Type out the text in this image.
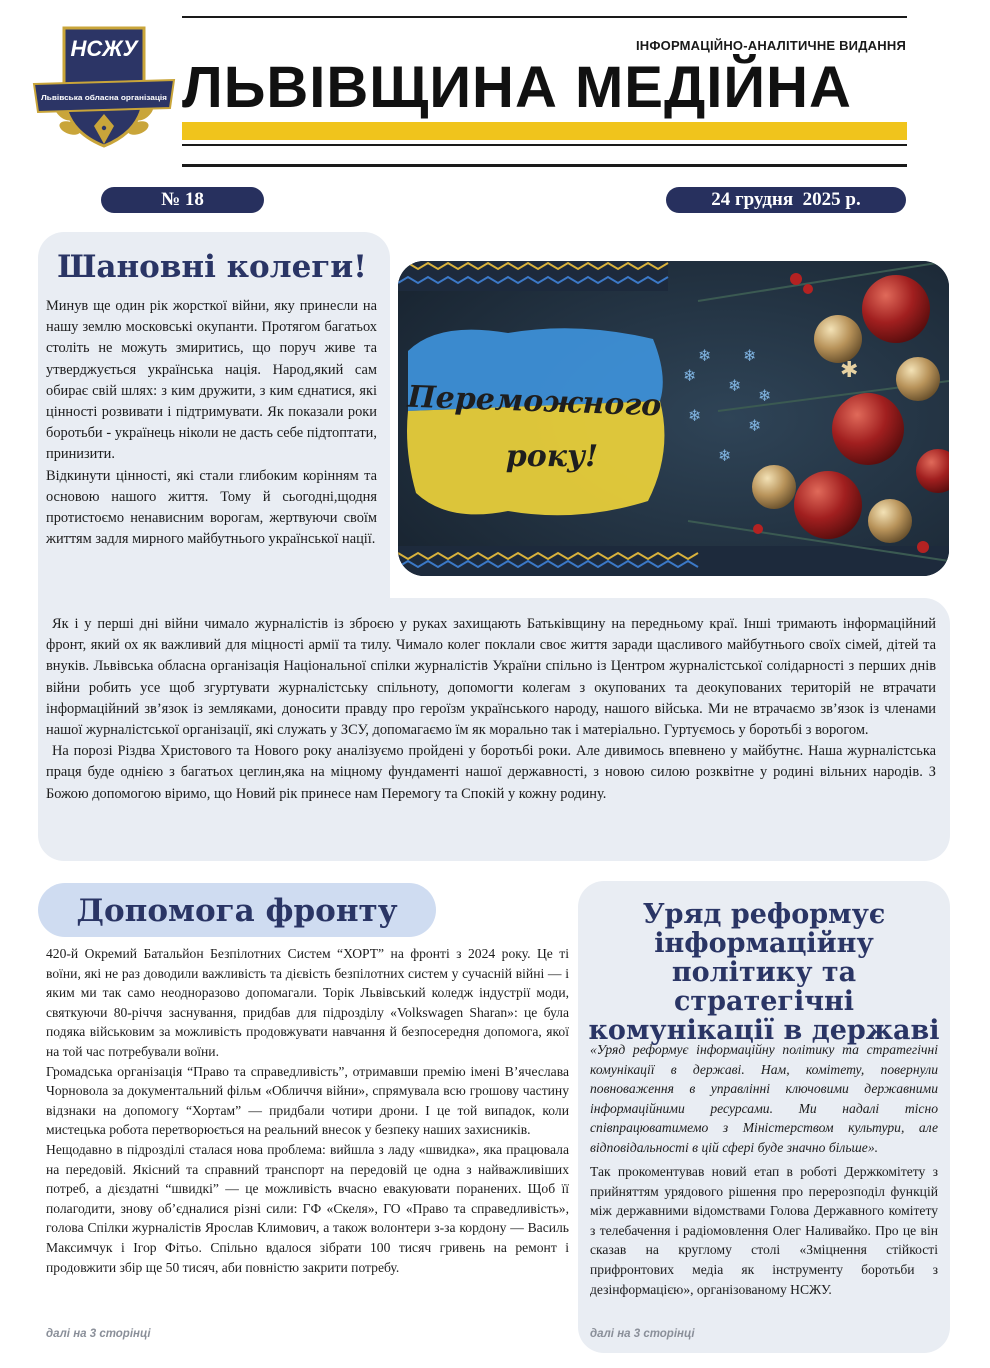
НСЖУ
Львівська обласна організація
ІНФОРМАЦІЙНО-АНАЛІТИЧНЕ ВИДАННЯ
ЛЬВІВЩИНА МЕДІЙНА
№ 18	24 грудня  2025 р.
Шановні колеги!

Минув ще один рік жорсткої війни, яку принесли на нашу землю московські окупанти. Протягом багатьох століть не можуть змиритись, що поруч живе та утверджується українська нація. Народ,який сам обирає свій шлях: з ким дружити, з ким єднатися, які цінності розвивати і підтримувати. Як показали роки боротьби - українець ніколи не дасть себе підтоптати, принизити.

Відкинути цінності, які стали глибоким корінням та основою нашого життя. Тому й сьогодні,щодня протистоємо ненависним ворогам, жертвуючи своїм життям задля мирного майбутнього української нації.

❄
❄
❄
❄
❄
❄
❄
❄
✱
Переможного
року!

Як і у перші дні війни чимало журналістів із зброєю у руках захищають Батьківщину на передньому краї. Інші тримають інформаційний фронт, який ох як важливий для міцності армії та тилу. Чимало колег поклали своє життя заради щасливого майбутнього своїх сімей, дітей та внуків. Львівська обласна організація Національної спілки журналістів України спільно із Центром журналістської солідарності з перших днів війни робить усе щоб згуртувати журналістську спільноту, допомогти колегам з окупованих та деокупованих територій не втрачати інформаційний зв’язок із земляками, доносити правду про героїзм українського народу, нашого війська. Ми не втрачаємо зв’язок із членами нашої журналістської організації, які служать у ЗСУ, допомагаємо їм як морально так і матеріально. Гуртуємось у боротьбі з ворогом.

На порозі Різдва Христового та Нового року аналізуємо пройдені у боротьбі роки. Але дивимось впевнено у майбутнє. Наша журналістська праця буде однією з багатьох цеглин,яка на міцному фундаменті нашої державності, з новою силою розквітне у родині вільних народів. З Божою допомогою віримо, що Новий рік принесе нам Перемогу та Спокій у кожну родину.

Допомога фронту

420-й Окремий Батальйон Безпілотних Систем “ХОРТ” на фронті з 2024 року. Це ті воїни, які не раз доводили важливість та дієвість безпілотних систем у сучасній війні — і яким ми так само неодноразово допомагали. Торік Львівський коледж індустрії моди, святкуючи 80-річчя заснування, придбав для підрозділу «Volkswagen Sharan»: це була подяка військовим за можливість продовжувати навчання й безпосередня допомога, якої на той час потребували воїни.

Громадська організація “Право та справедливість”, отримавши премію імені В’ячеслава Чорновола за документальний фільм «Обличчя війни», спрямувала всю грошову частину відзнаки на допомогу “Хортам” — придбали чотири дрони. І це той випадок, коли мистецька робота перетворюється на реальний внесок у безпеку наших захисників.

Нещодавно в підрозділі сталася нова проблема: вийшла з ладу «швидка», яка працювала на передовій. Якісний та справний транспорт на передовій це одна з найважливіших потреб, а дієздатні “швидкі” — це можливість вчасно евакуювати поранених. Щоб її полагодити, знову об’єдналися різні сили: ГФ «Скеля», ГО «Право та справедливість», голова Спілки журналістів Ярослав Климович, а також волонтери з-за кордону — Василь Максимчук і Ігор Фітьо. Спільно вдалося зібрати 100 тисяч гривень на ремонт і продовжити збір ще 50 тисяч, аби повністю закрити потребу.

далі на 3 сторінці
Уряд реформує інформаційну політику та стратегічні комунікації в державі

«Уряд реформує інформаційну політику та стратегічні комунікації в державі. Нам, комітету, повернули повноваження в управлінні ключовими державними інформаційними ресурсами. Ми надалі тісно співпрацюватимемо з Міністерством культури, але відповідальності в цій сфері буде значно більше».

Так прокоментував новий етап в роботі Держкомітету з прийняттям урядового рішення про перерозподіл функцій між державними відомствами Голова Державного комітету з телебачення і радіомовлення Олег Наливайко. Про це він сказав на круглому столі «Зміцнення стійкості прифронтових медіа як інструменту боротьби з дезінформацією», організованому НСЖУ.

далі на 3 сторінці
